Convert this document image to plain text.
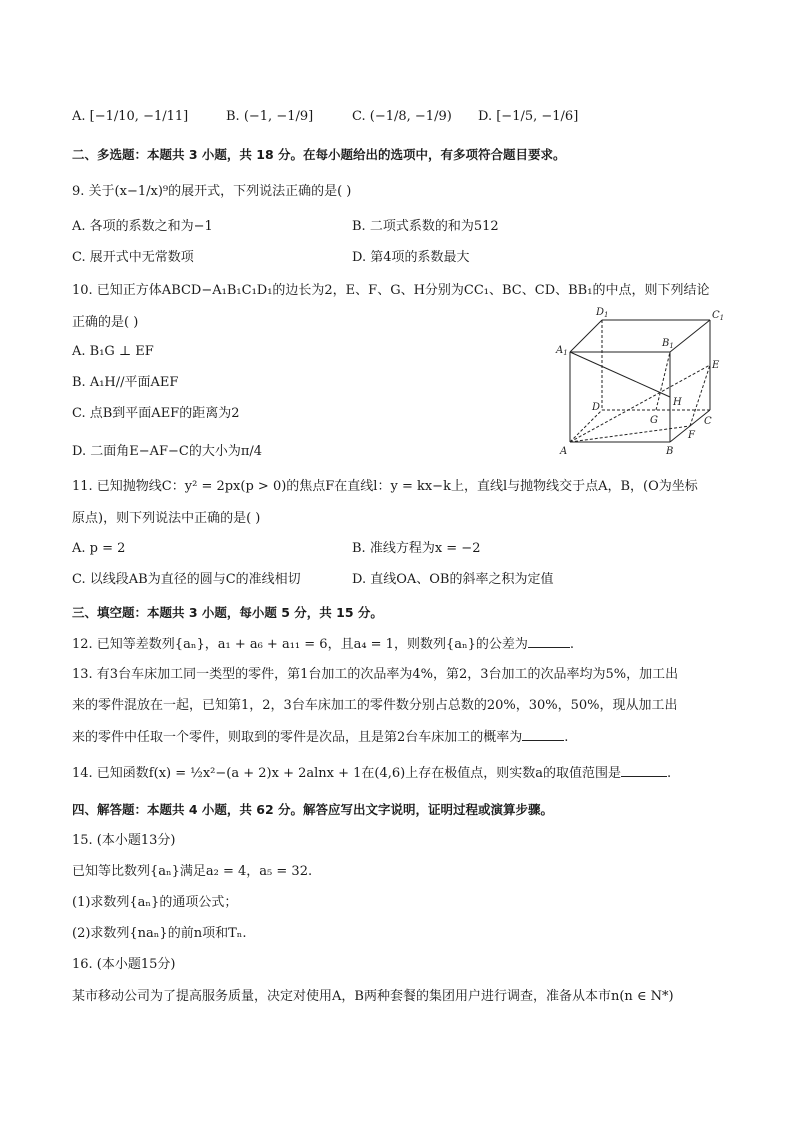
A. [−1/10, −1/11]	B. (−1, −1/9]	C. (−1/8, −1/9) D. [−1/5, −1/6]
二、多选题：本题共 3 小题，共 18 分。在每小题给出的选项中，有多项符合题目要求。
9. 关于(x−1/x)⁹的展开式，下列说法正确的是( )
A. 各项的系数之和为−1	B. 二项式系数的和为512
C. 展开式中无常数项	D. 第4项的系数最大
10. 已知正方体ABCD−A₁B₁C₁D₁的边长为2，E、F、G、H分别为CC₁、BC、CD、BB₁的中点，则下列结论
正确的是( )
A. B₁G ⊥ EF
B. A₁H//平面AEF
C. 点B到平面AEF的距离为2
D. 二面角E−AF−C的大小为π/4
$D_1$	$C_1$
$A_1$
$B_1$
E
D	H
G	C
A	B
F
11. 已知抛物线C：y² = 2px(p > 0)的焦点F在直线l：y = kx−k上，直线l与抛物线交于点A，B，(O为坐标
原点)，则下列说法中正确的是( )
A. p = 2	B. 准线方程为x = −2
C. 以线段AB为直径的圆与C的准线相切	D. 直线OA、OB的斜率之积为定值
三、填空题：本题共 3 小题，每小题 5 分，共 15 分。
12. 已知等差数列{aₙ}，a₁ + a₆ + a₁₁ = 6，且a₄ = 1，则数列{aₙ}的公差为	.
13. 有3台车床加工同一类型的零件，第1台加工的次品率为4%，第2，3台加工的次品率均为5%，加工出
来的零件混放在一起，已知第1，2，3台车床加工的零件数分别占总数的20%，30%，50%，现从加工出
来的零件中任取一个零件，则取到的零件是次品，且是第2台车床加工的概率为	.
14. 已知函数f(x) = ½x²−(a + 2)x + 2alnx + 1在(4,6)上存在极值点，则实数a的取值范围是	.
四、解答题：本题共 4 小题，共 62 分。解答应写出文字说明，证明过程或演算步骤。
15. (本小题13分)
已知等比数列{aₙ}满足a₂ = 4，a₅ = 32.
(1)求数列{aₙ}的通项公式；
(2)求数列{naₙ}的前n项和Tₙ.
16. (本小题15分)
某市移动公司为了提高服务质量，决定对使用A，B两种套餐的集团用户进行调查，准备从本市n(n ∈ N*)
